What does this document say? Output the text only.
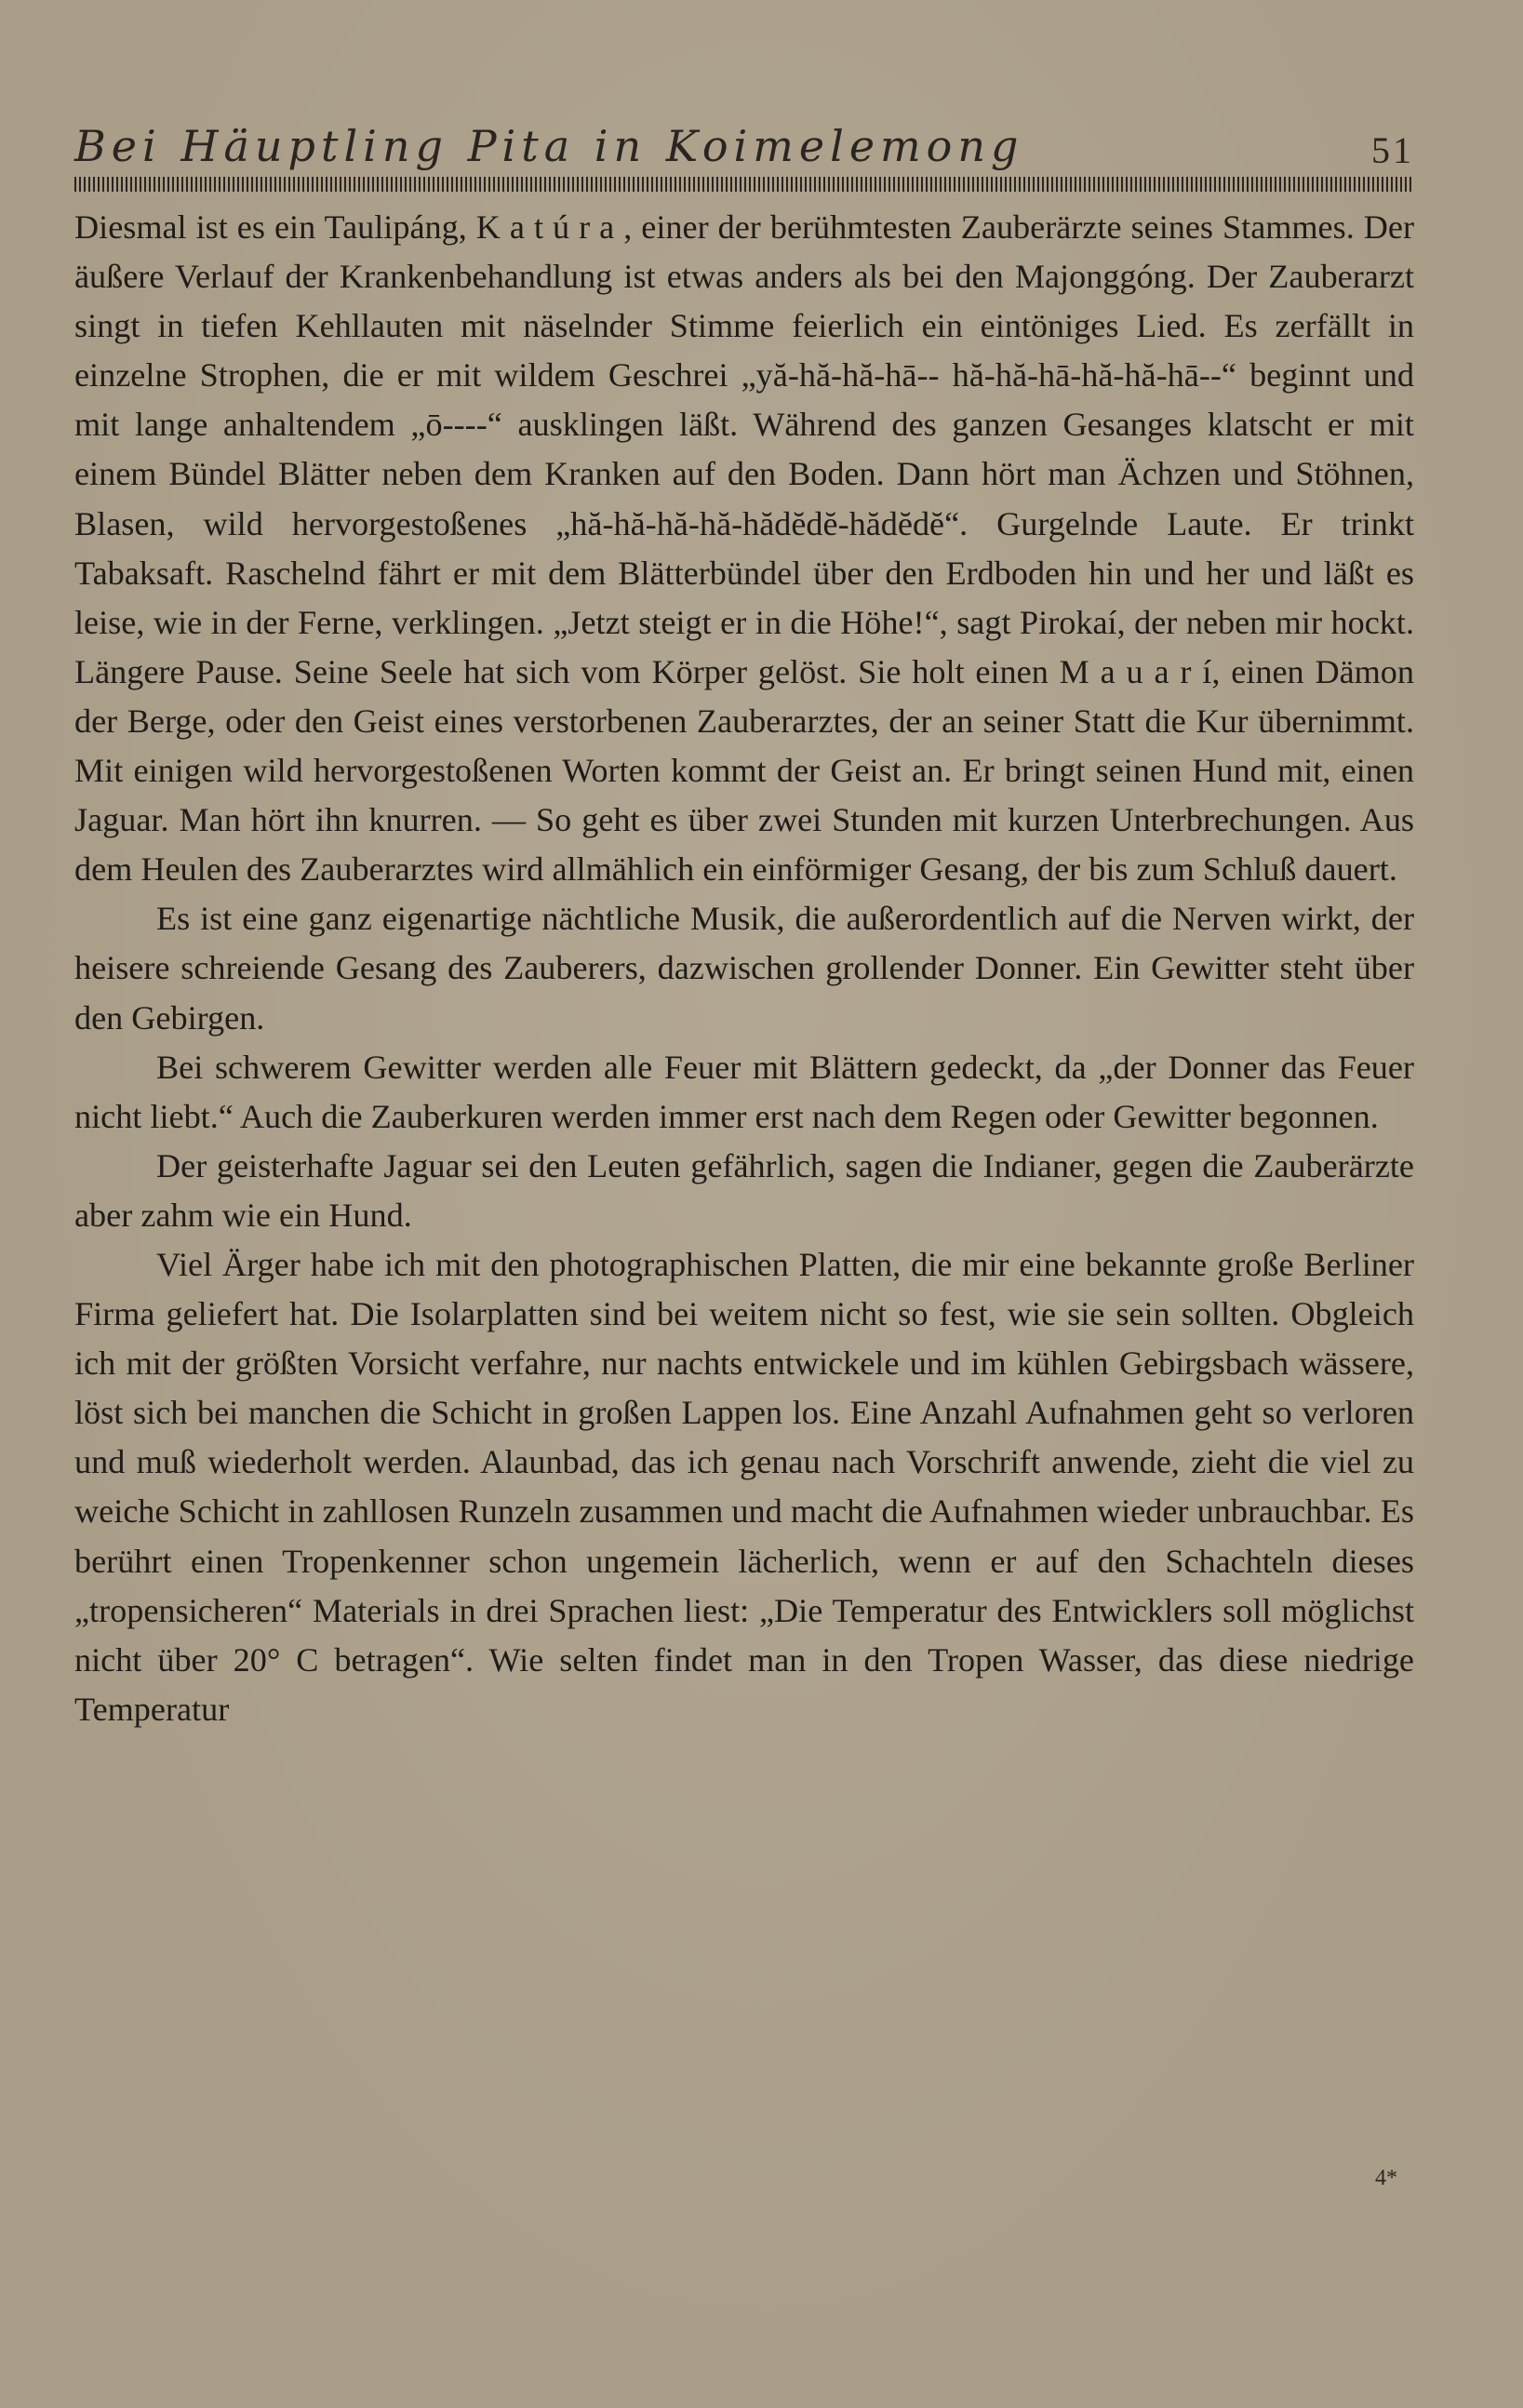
Bei Häuptling Pita in Koimelemong	51

Diesmal ist es ein Taulipáng, K a t ú r a , einer der berühmtesten Zauberärzte seines Stammes. Der äußere Verlauf der Krankenbehandlung ist etwas anders als bei den Majonggóng. Der Zauberarzt singt in tiefen Kehllauten mit näselnder Stimme feierlich ein eintöniges Lied. Es zerfällt in einzelne Strophen, die er mit wildem Geschrei „yă-hă-hă-hā-- hă-hă-hā-hă-hă-hā--“ beginnt und mit lange anhaltendem „ō----“ ausklingen läßt. Während des ganzen Gesanges klatscht er mit einem Bündel Blätter neben dem Kranken auf den Boden. Dann hört man Ächzen und Stöhnen, Blasen, wild hervorgestoßenes „hă-hă-hă-hă-hădĕdĕ-hădĕdĕ“. Gurgelnde Laute. Er trinkt Tabaksaft. Raschelnd fährt er mit dem Blätterbündel über den Erdboden hin und her und läßt es leise, wie in der Ferne, verklingen. „Jetzt steigt er in die Höhe!“, sagt Pirokaí, der neben mir hockt. Längere Pause. Seine Seele hat sich vom Körper gelöst. Sie holt einen M a u a r í, einen Dämon der Berge, oder den Geist eines verstorbenen Zauberarztes, der an seiner Statt die Kur übernimmt. Mit einigen wild hervorgestoßenen Worten kommt der Geist an. Er bringt seinen Hund mit, einen Jaguar. Man hört ihn knurren. — So geht es über zwei Stunden mit kurzen Unterbrechungen. Aus dem Heulen des Zauberarztes wird allmählich ein einförmiger Gesang, der bis zum Schluß dauert.

Es ist eine ganz eigenartige nächtliche Musik, die außerordentlich auf die Nerven wirkt, der heisere schreiende Gesang des Zauberers, dazwischen grollender Donner. Ein Gewitter steht über den Gebirgen.

Bei schwerem Gewitter werden alle Feuer mit Blättern gedeckt, da „der Donner das Feuer nicht liebt.“ Auch die Zauberkuren werden immer erst nach dem Regen oder Gewitter begonnen.

Der geisterhafte Jaguar sei den Leuten gefährlich, sagen die Indianer, gegen die Zauberärzte aber zahm wie ein Hund.

Viel Ärger habe ich mit den photographischen Platten, die mir eine bekannte große Berliner Firma geliefert hat. Die Isolarplatten sind bei weitem nicht so fest, wie sie sein sollten. Obgleich ich mit der größten Vorsicht verfahre, nur nachts entwickele und im kühlen Gebirgsbach wässere, löst sich bei manchen die Schicht in großen Lappen los. Eine Anzahl Aufnahmen geht so verloren und muß wiederholt werden. Alaunbad, das ich genau nach Vorschrift anwende, zieht die viel zu weiche Schicht in zahllosen Runzeln zusammen und macht die Aufnahmen wieder unbrauchbar. Es berührt einen Tropenkenner schon ungemein lächerlich, wenn er auf den Schachteln dieses „tropensicheren“ Materials in drei Sprachen liest: „Die Temperatur des Entwicklers soll möglichst nicht über 20° C betragen“. Wie selten findet man in den Tropen Wasser, das diese niedrige Temperatur

4*
